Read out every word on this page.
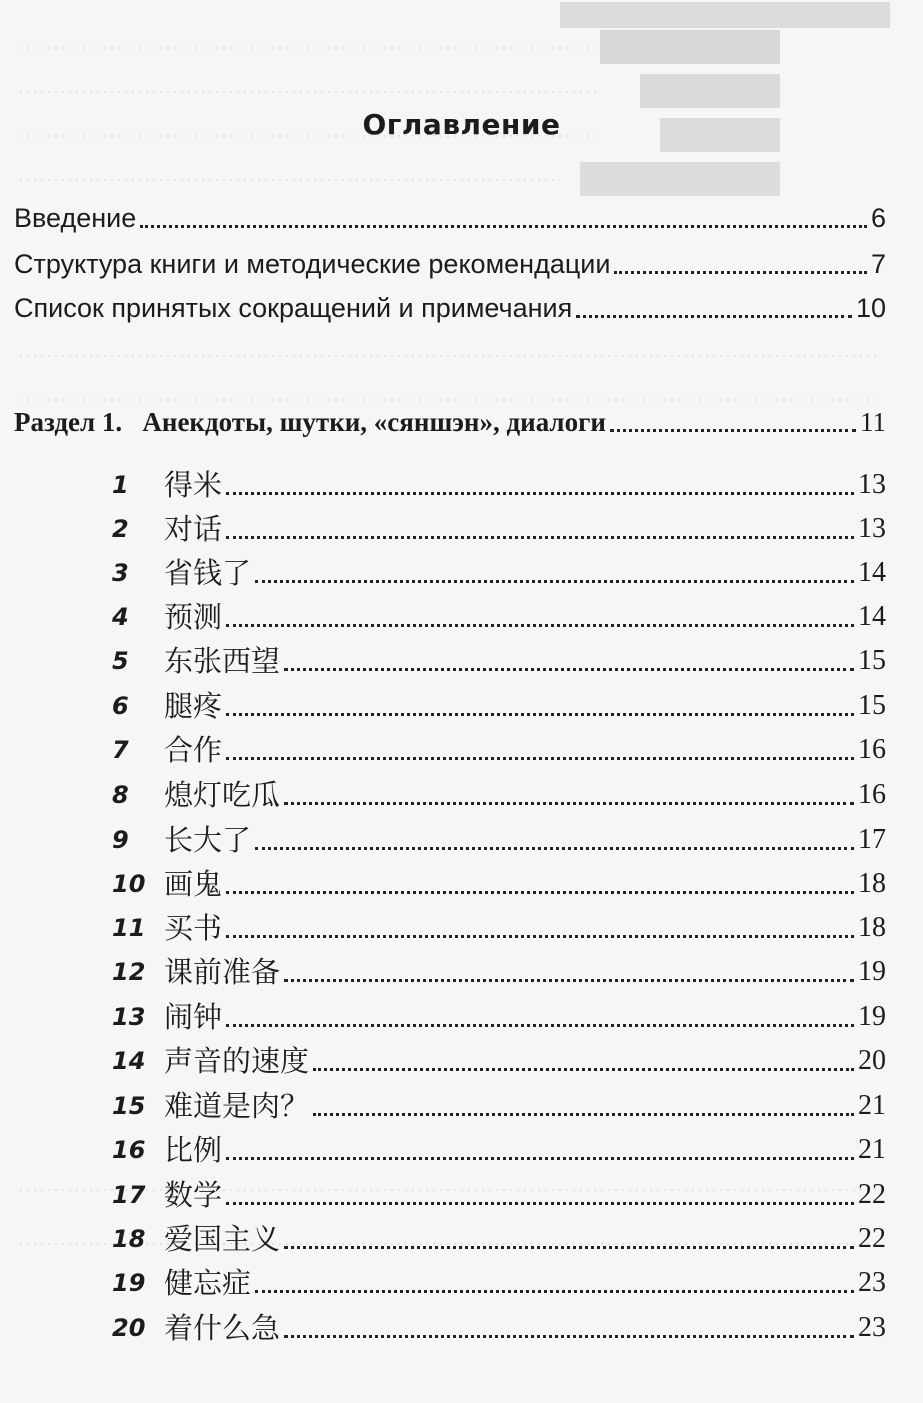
Оглавление
Введение	6
Структура книги и методические рекомендации	7
Список принятых сокращений и примечания	10
Раздел 1.   Анекдоты, шутки, «сяншэн», диалоги	11
1	得米	13
2	对话	13
3	省钱了	14
4	预测	14
5	东张西望	15
6	腿疼	15
7	合作	16
8	熄灯吃瓜	16
9	长大了	17
10 画鬼	18
11 买书	18
12 课前准备	19
13 闹钟	19
14 声音的速度	20
15 难道是肉？	21
16 比例	21
17 数学	22
18 爱国主义	22
19 健忘症	23
20 着什么急	23
